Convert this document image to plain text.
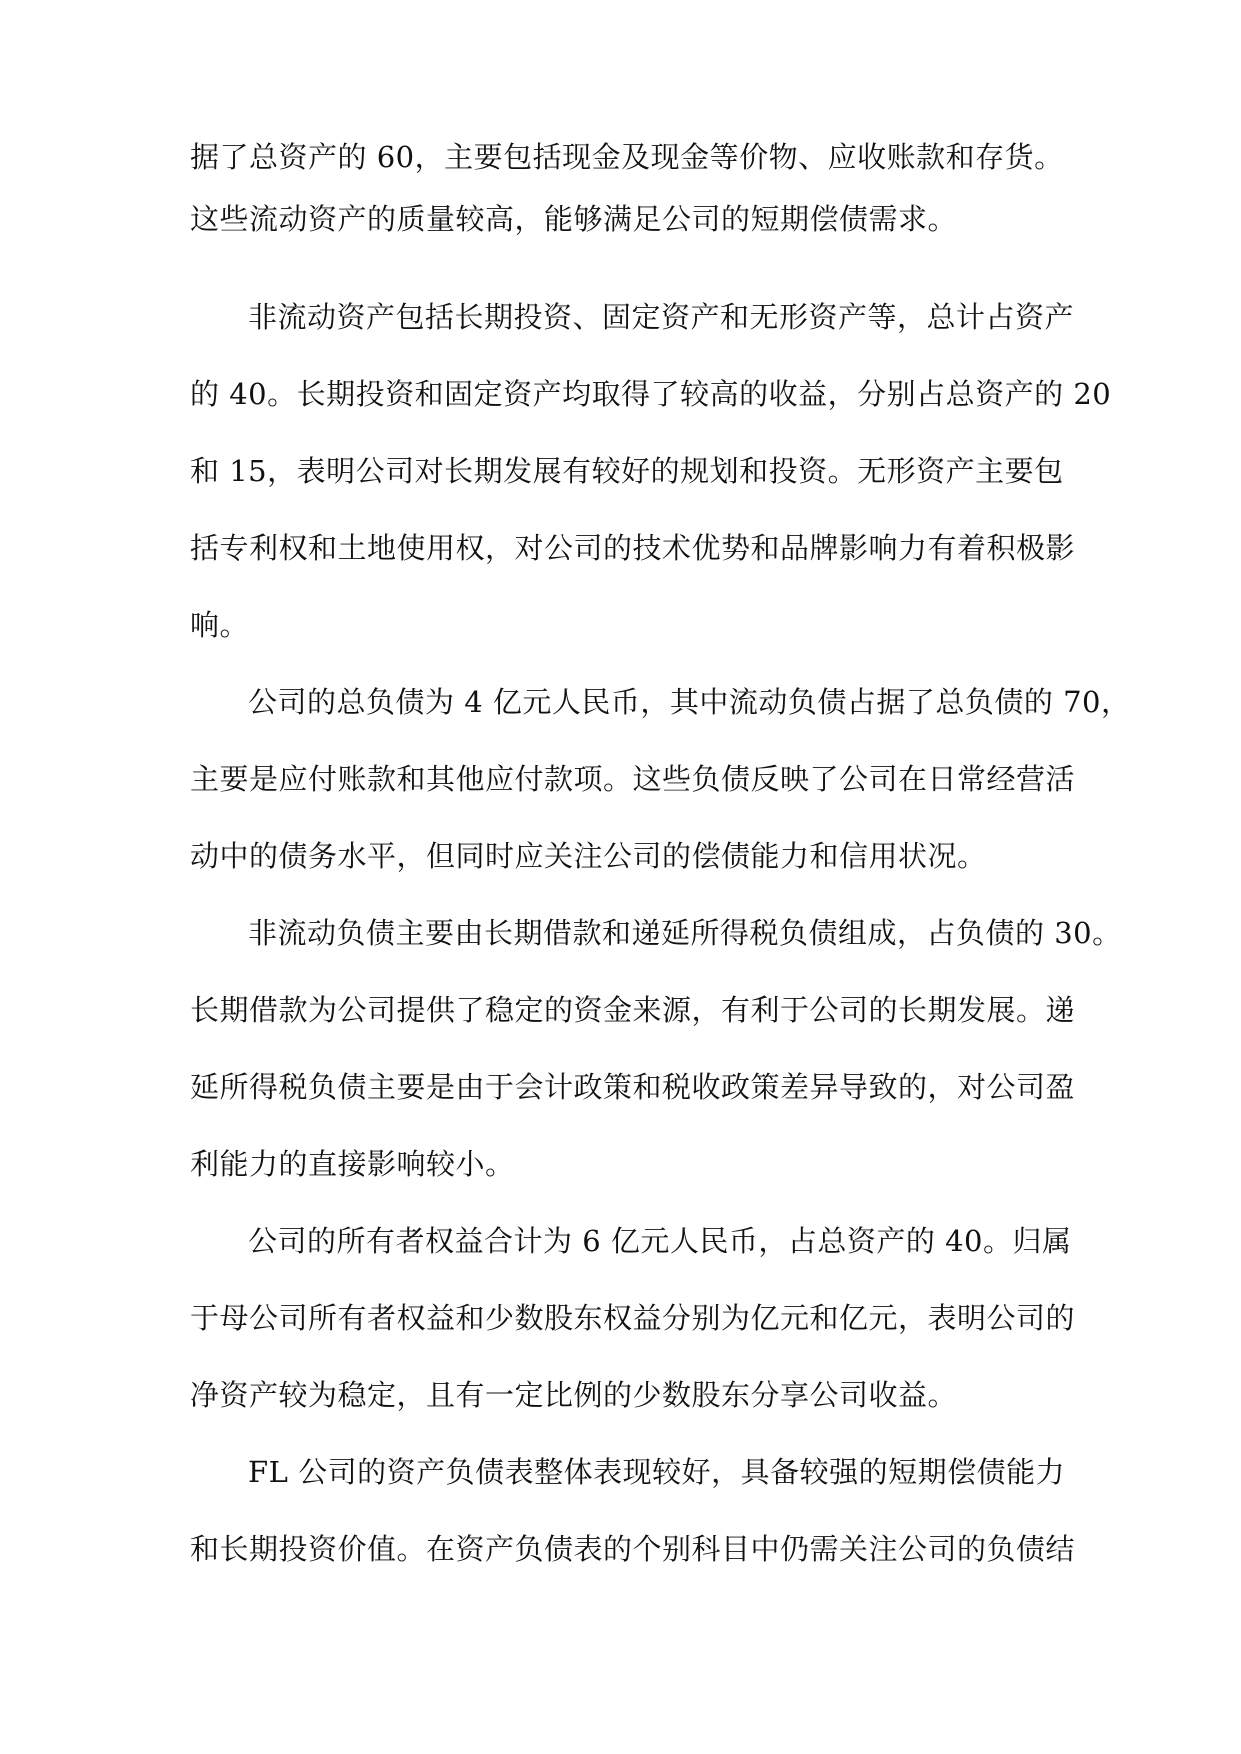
据了总资产的 60，主要包括现金及现金等价物、应收账款和存货。
这些流动资产的质量较高，能够满足公司的短期偿债需求。
非流动资产包括长期投资、固定资产和无形资产等，总计占资产
的 40。长期投资和固定资产均取得了较高的收益，分别占总资产的 20
和 15，表明公司对长期发展有较好的规划和投资。无形资产主要包
括专利权和土地使用权，对公司的技术优势和品牌影响力有着积极影
响。
公司的总负债为 4 亿元人民币，其中流动负债占据了总负债的 70，
主要是应付账款和其他应付款项。这些负债反映了公司在日常经营活
动中的债务水平，但同时应关注公司的偿债能力和信用状况。
非流动负债主要由长期借款和递延所得税负债组成，占负债的 30。
长期借款为公司提供了稳定的资金来源，有利于公司的长期发展。递
延所得税负债主要是由于会计政策和税收政策差异导致的，对公司盈
利能力的直接影响较小。
公司的所有者权益合计为 6 亿元人民币，占总资产的 40。归属
于母公司所有者权益和少数股东权益分别为亿元和亿元，表明公司的
净资产较为稳定，且有一定比例的少数股东分享公司收益。
FL 公司的资产负债表整体表现较好，具备较强的短期偿债能力
和长期投资价值。在资产负债表的个别科目中仍需关注公司的负债结
